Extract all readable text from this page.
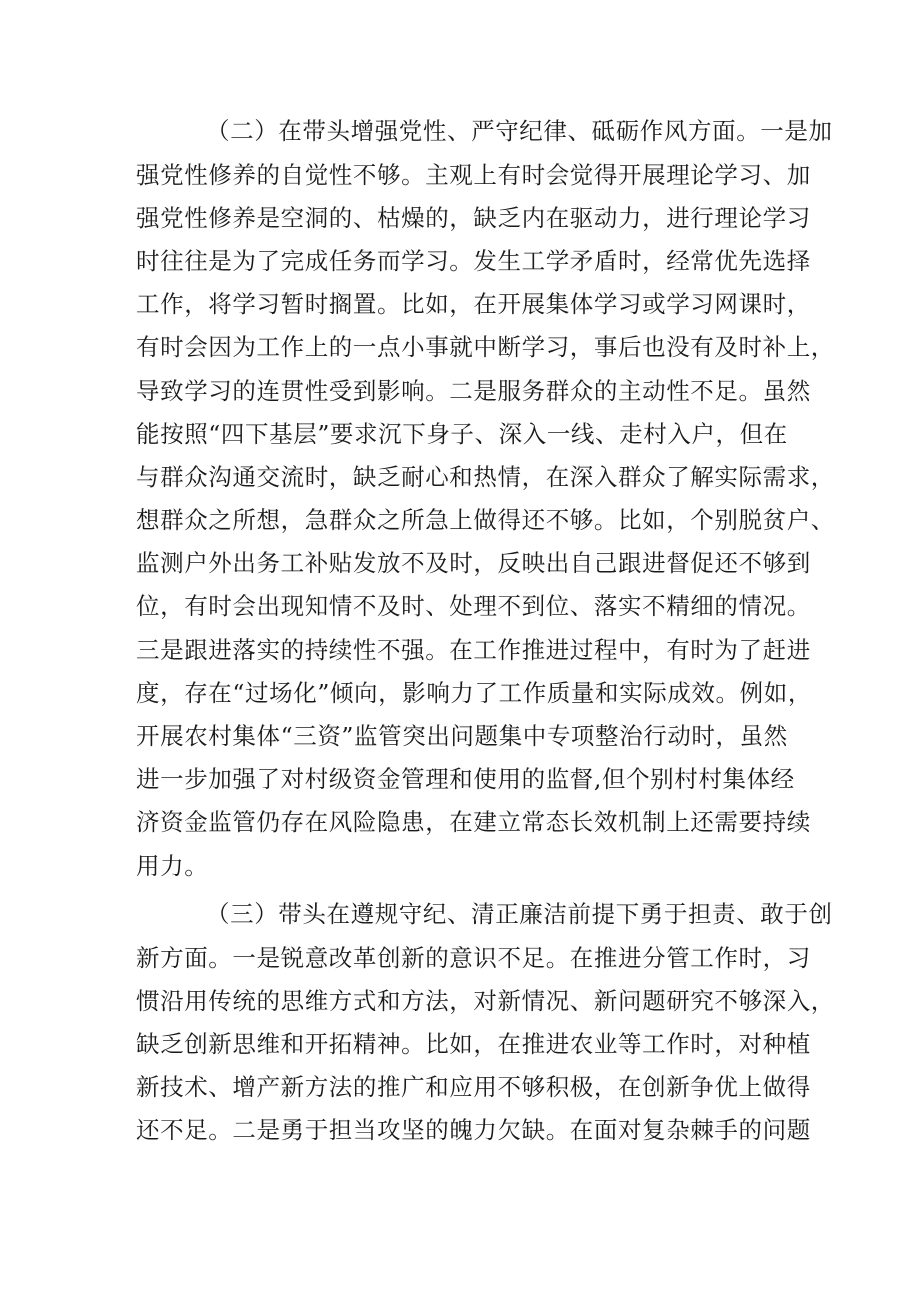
（二）在带头增强党性、严守纪律、砥砺作风方面。一是加
强党性修养的自觉性不够。主观上有时会觉得开展理论学习、加
强党性修养是空洞的、枯燥的，缺乏内在驱动力，进行理论学习
时往往是为了完成任务而学习。发生工学矛盾时，经常优先选择
工作，将学习暂时搁置。比如，在开展集体学习或学习网课时，
有时会因为工作上的一点小事就中断学习，事后也没有及时补上，
导致学习的连贯性受到影响。二是服务群众的主动性不足。虽然
能按照“四下基层”要求沉下身子、深入一线、走村入户，但在
与群众沟通交流时，缺乏耐心和热情，在深入群众了解实际需求，
想群众之所想，急群众之所急上做得还不够。比如，个别脱贫户、
监测户外出务工补贴发放不及时，反映出自己跟进督促还不够到
位，有时会出现知情不及时、处理不到位、落实不精细的情况。
三是跟进落实的持续性不强。在工作推进过程中，有时为了赶进
度，存在“过场化”倾向，影响力了工作质量和实际成效。例如，
开展农村集体“三资”监管突出问题集中专项整治行动时，虽然
进一步加强了对村级资金管理和使用的监督,但个别村村集体经
济资金监管仍存在风险隐患，在建立常态长效机制上还需要持续
用力。
（三）带头在遵规守纪、清正廉洁前提下勇于担责、敢于创
新方面。一是锐意改革创新的意识不足。在推进分管工作时，习
惯沿用传统的思维方式和方法，对新情况、新问题研究不够深入，
缺乏创新思维和开拓精神。比如，在推进农业等工作时，对种植
新技术、增产新方法的推广和应用不够积极，在创新争优上做得
还不足。二是勇于担当攻坚的魄力欠缺。在面对复杂棘手的问题
